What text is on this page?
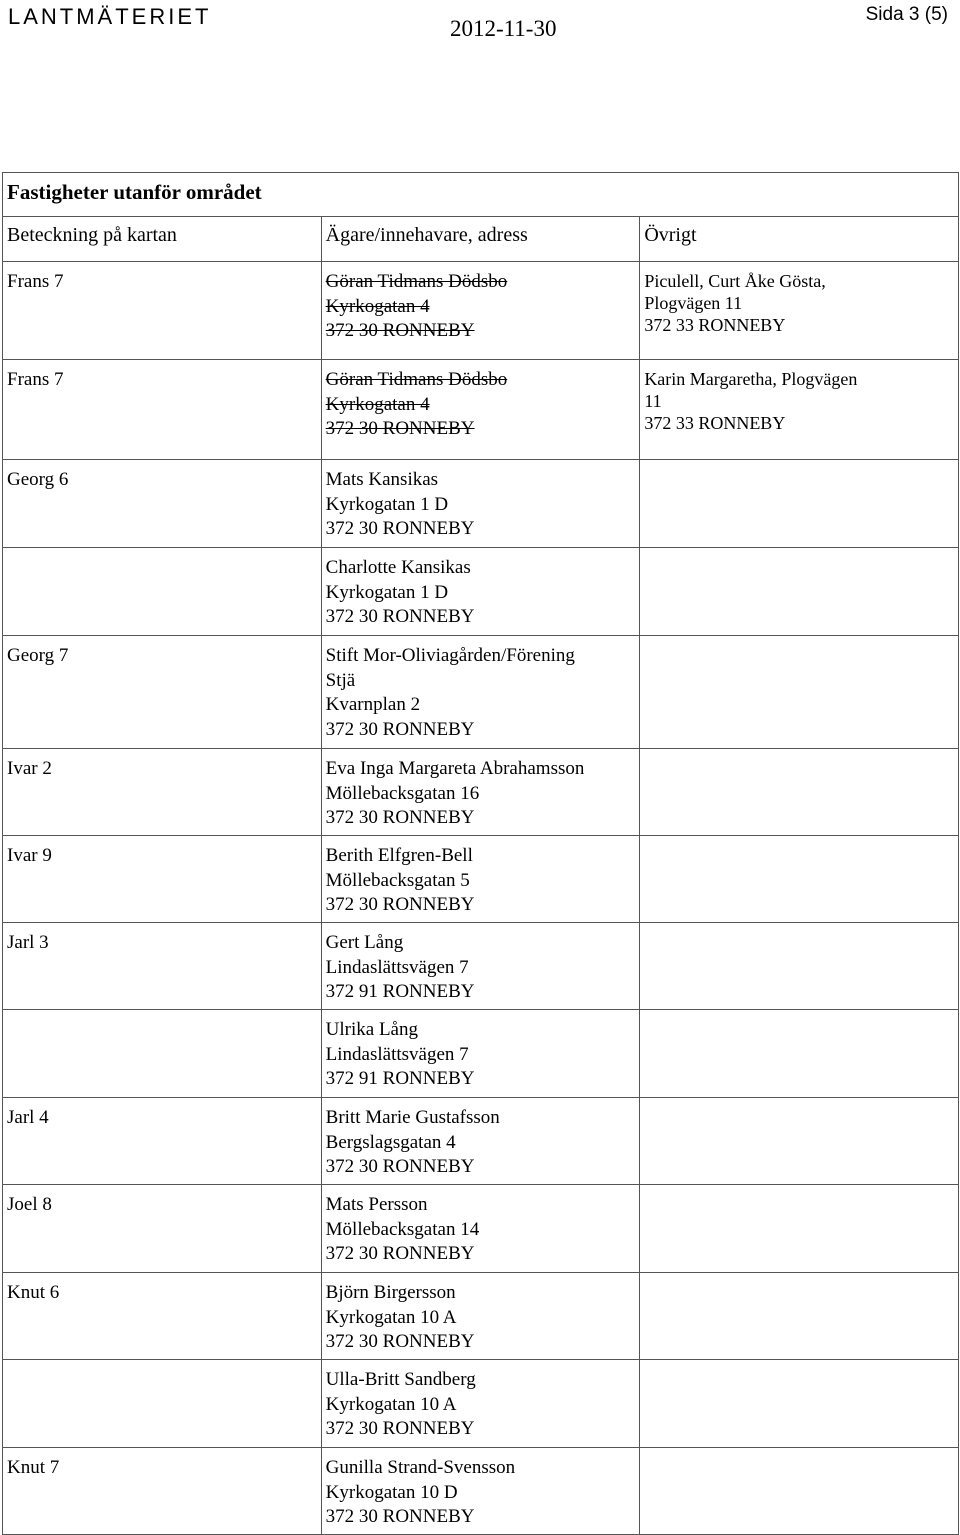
LANTMÄTERIET	2012-11-30
Sida 3 (5)
Fastigheter utanför området		
Beteckning på kartan	Ägare/innehavare, adress	Övrigt

Frans 7	Göran Tidmans Dödsbo
Kyrkogatan 4
372 30 RONNEBY	Piculell, Curt Åke Gösta,
Plogvägen 11
372 33 RONNEBY

Frans 7	Göran Tidmans Dödsbo
Kyrkogatan 4
372 30 RONNEBY	Karin Margaretha, Plogvägen
11
372 33 RONNEBY

Georg 6	Mats Kansikas
Kyrkogatan 1 D
372 30 RONNEBY	

	Charlotte Kansikas
Kyrkogatan 1 D
372 30 RONNEBY	

Georg 7	Stift Mor-Oliviagården/Förening
Stjä
Kvarnplan 2
372 30 RONNEBY	

Ivar 2	Eva Inga Margareta Abrahamsson
Möllebacksgatan 16
372 30 RONNEBY	

Ivar 9	Berith Elfgren-Bell
Möllebacksgatan 5
372 30 RONNEBY	

Jarl 3	Gert Lång
Lindaslättsvägen 7
372 91 RONNEBY	

	Ulrika Lång
Lindaslättsvägen 7
372 91 RONNEBY	

Jarl 4	Britt Marie Gustafsson
Bergslagsgatan 4
372 30 RONNEBY	

Joel 8	Mats Persson
Möllebacksgatan 14
372 30 RONNEBY	

Knut 6	Björn Birgersson
Kyrkogatan 10 A
372 30 RONNEBY	

	Ulla-Britt Sandberg
Kyrkogatan 10 A
372 30 RONNEBY	

Knut 7	Gunilla Strand-Svensson
Kyrkogatan 10 D
372 30 RONNEBY	
